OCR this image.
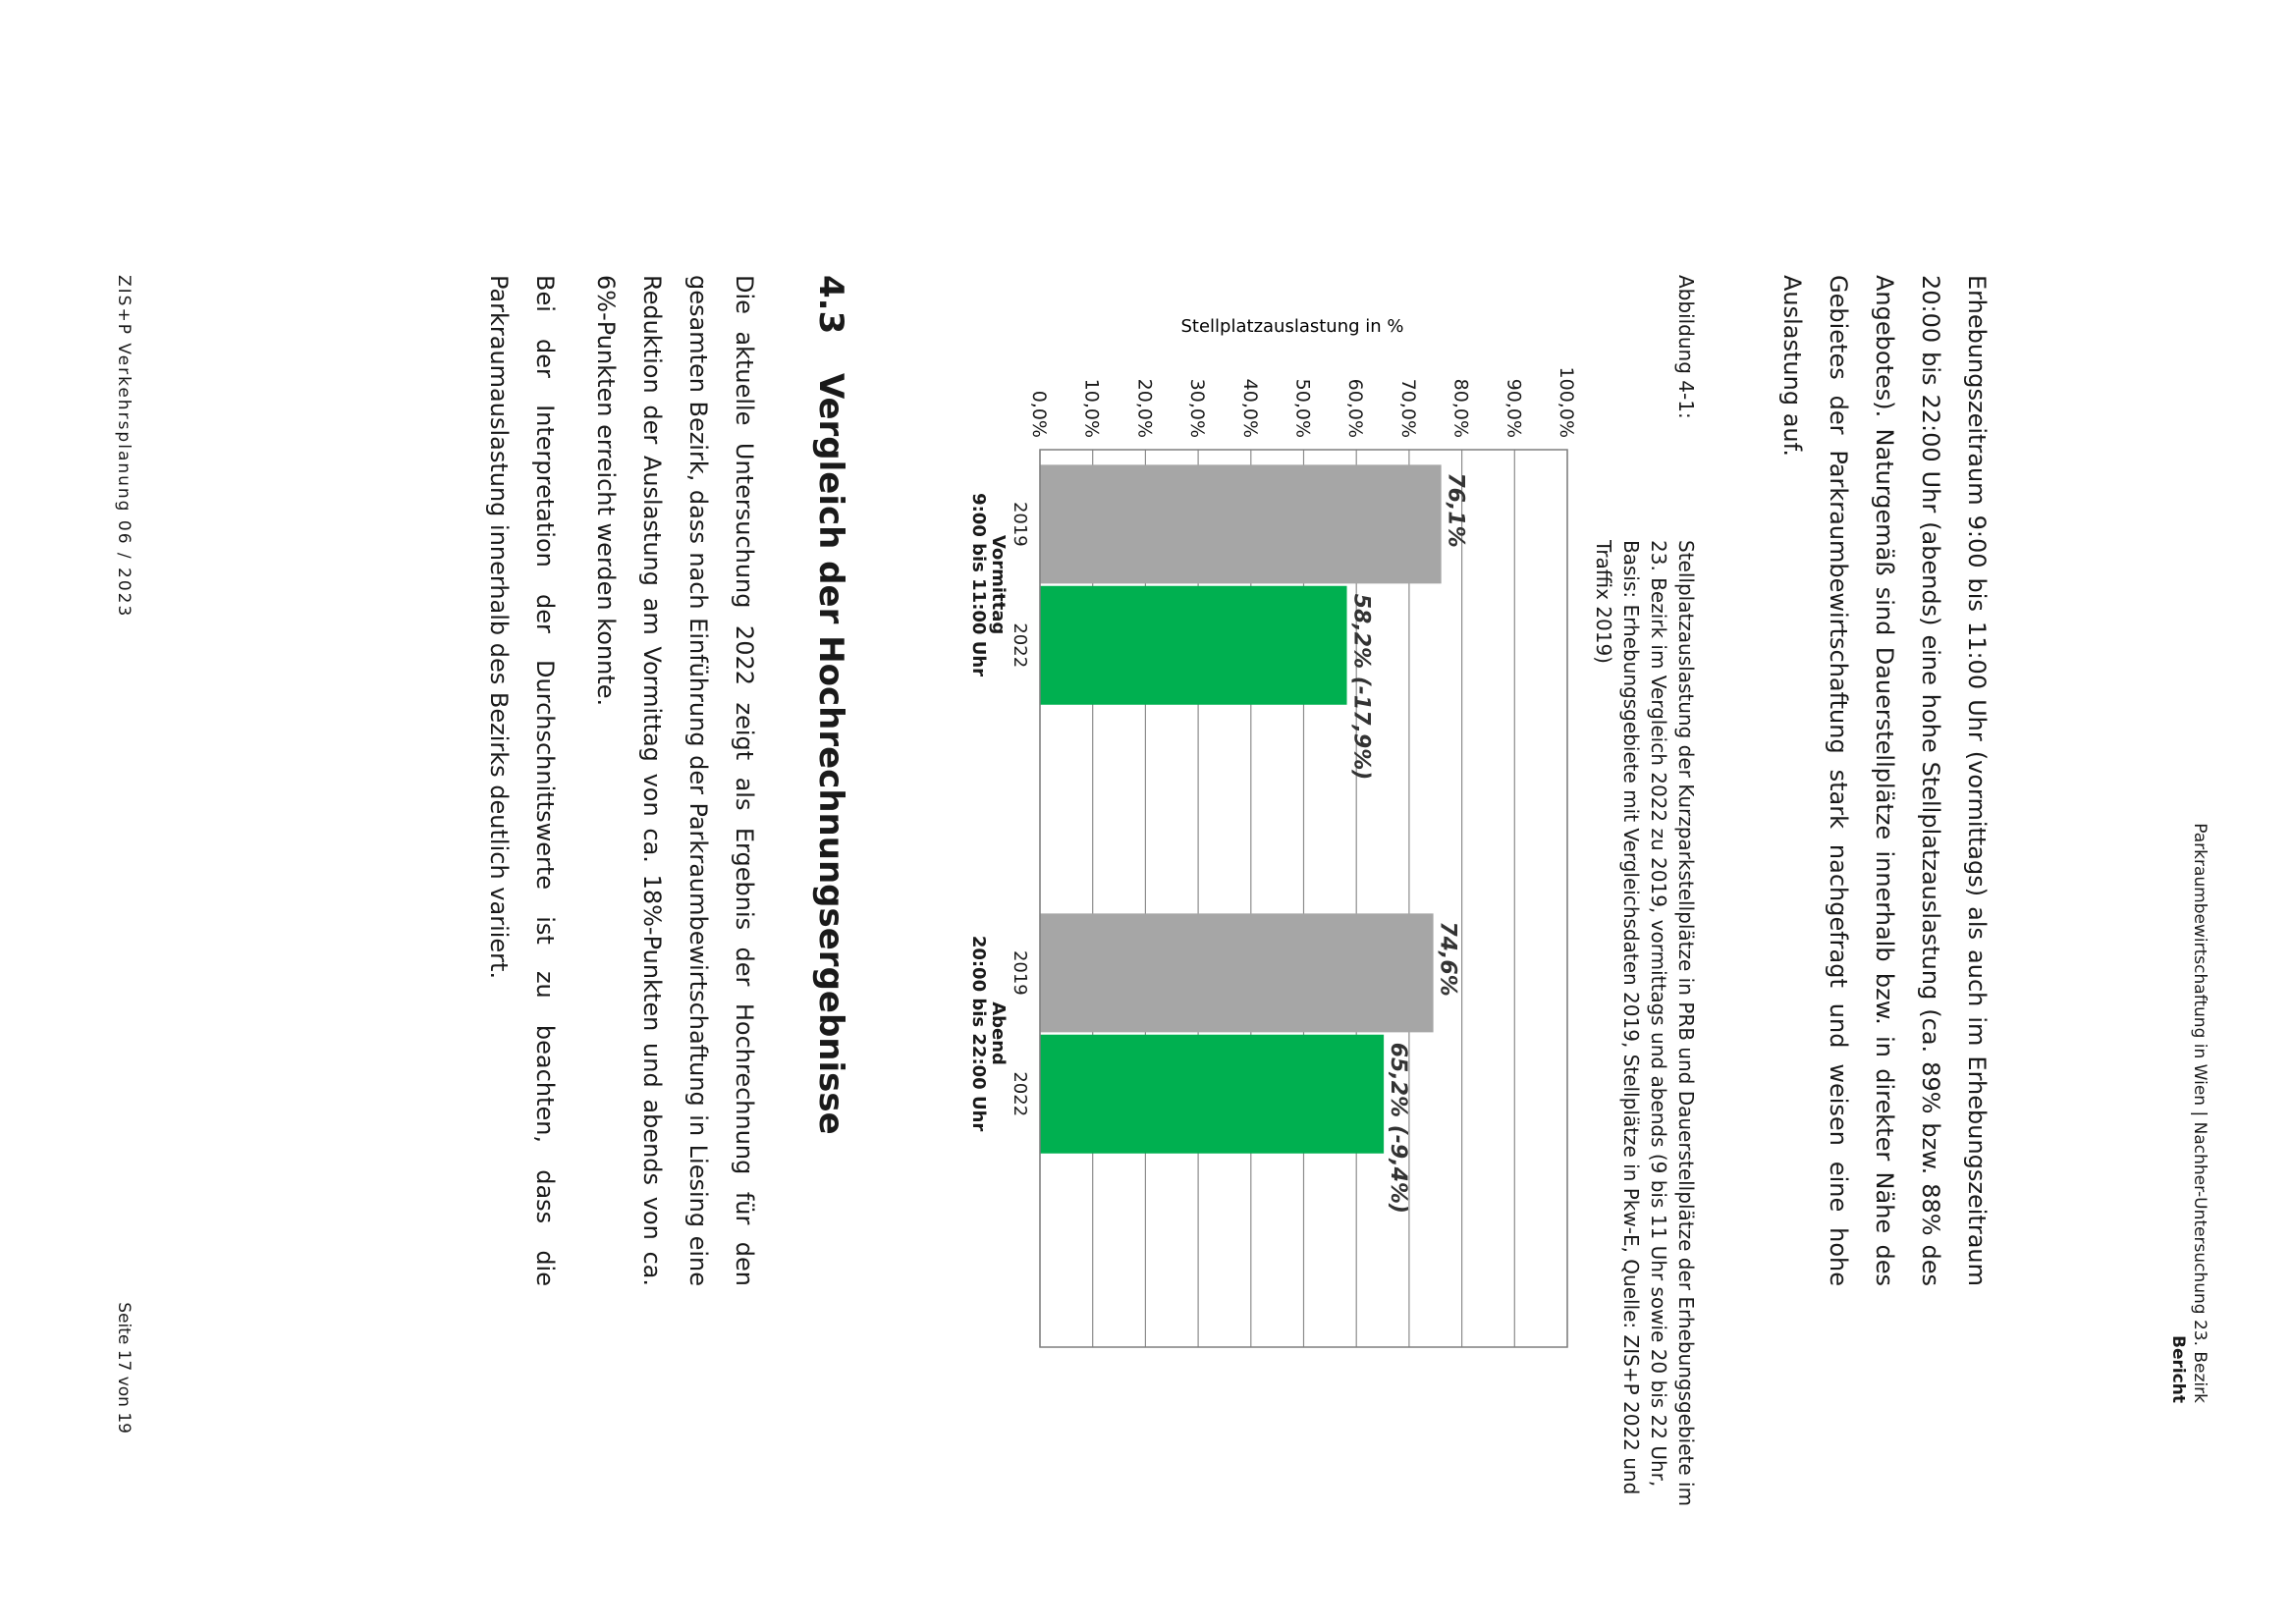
Parkraumbewirtschaftung in Wien | Nachher-Untersuchung 23. Bezirk
Bericht
Erhebungszeitraum 9:00 bis 11:00 Uhr (vormittags) als auch im Erhebungszeitraum 20:00 bis 22:00 Uhr (abends) eine hohe Stellplatzauslastung (ca. 89% bzw. 88% des Angebotes). Naturgemäß sind Dauerstellplätze innerhalb bzw. in direkter Nähe des Gebietes der Parkraumbewirtschaftung stark nachgefragt und weisen eine hohe Auslastung auf.
Abbildung 4-1:
Stellplatzauslastung der Kurzparkstellplätze in PRB und Dauerstellplätze der Erhebungsgebiete im 23. Bezirk im Vergleich 2022 zu 2019, vormittags und abends (9 bis 11 Uhr sowie 20 bis 22 Uhr, Basis: Erhebungsgebiete mit Vergleichsdaten 2019, Stellplätze in Pkw-E, Quelle: ZIS+P 2022 und Traffix 2019)
Stellplatzauslastung in %
0,0% 10,0% 20,0% 30,0% 40,0% 50,0% 60,0% 70,0% 80,0% 90,0% 100,0%
76,1%
58,2% (-17,9%)
74,6%
65,2% (-9,4%)
2019
2022
Vormittag
9:00 bis 11:00 Uhr
2019
2022
Abend
20:00 bis 22:00 Uhr
4.3
Vergleich der Hochrechnungsergebnisse
Die aktuelle Untersuchung 2022 zeigt als Ergebnis der Hochrechnung für den gesamten Bezirk, dass nach Einführung der Parkraumbewirtschaftung in Liesing eine Reduktion der Auslastung am Vormittag von ca. 18%-Punkten und abends von ca. 6%-Punkten erreicht werden konnte.
Bei der Interpretation der Durchschnittswerte ist zu beachten, dass die Parkraumauslastung innerhalb des Bezirks deutlich variiert.
ZIS+P Verkehrsplanung 06 / 2023
Seite 17 von 19
